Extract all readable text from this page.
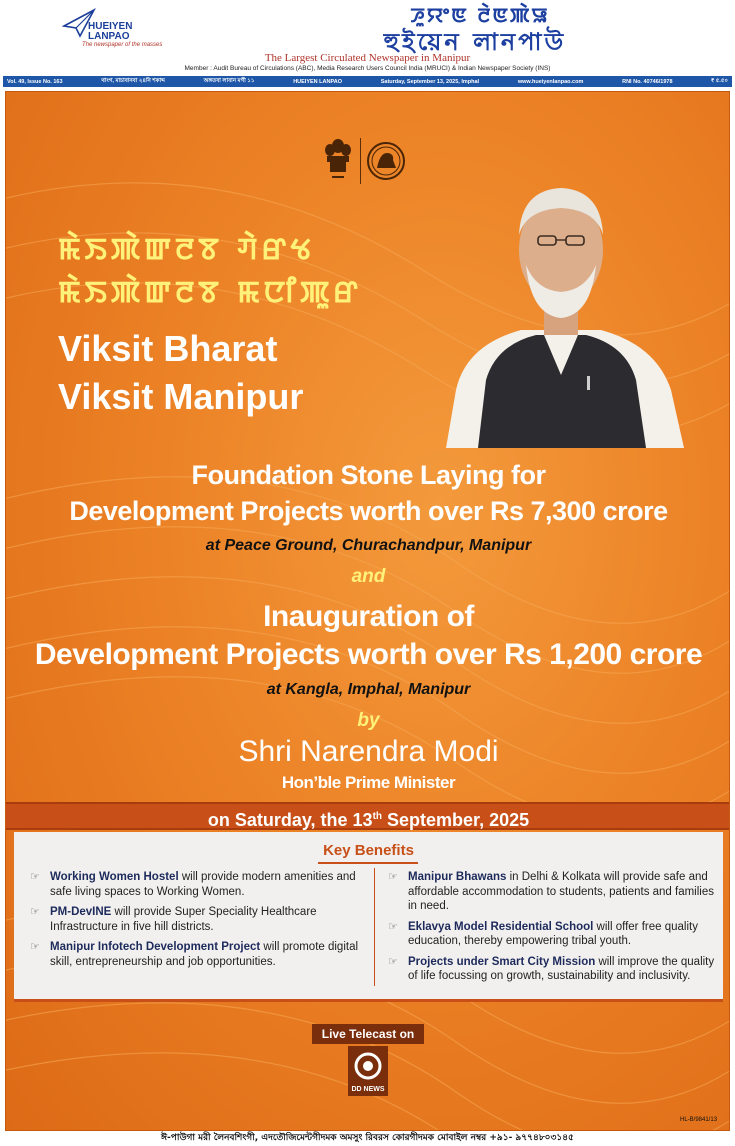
HUEIYEN
LANPAO
The newspaper of the masses
ꯍꯨꯌꯦꯟ ꯂꯥꯟꯄꯥꯎ
হুইয়েন লানপাউ
The Largest Circulated Newspaper in Manipur
Member : Audit Bureau of Circulations (ABC), Media Research Users Council India (MRUCI) & Indian Newspaper Society (INS)
Vol. 49, Issue No. 163	থাংগ, মাচাবানবা ২৪নি শকাব্দ	অঙ্গতবা লাবান মগী ১১	HUEIYEN LANPAO	Saturday, September 13, 2025, Imphal	www.hueiyenlanpao.com	RNI No. 40746/1978	₹ ৫.৫০
ꯃꯥꯏꯄꯥꯛꯂꯕ ꯚꯥꯔꯠ
ꯃꯥꯏꯄꯥꯛꯂꯕ ꯃꯅꯤꯄꯨꯔ
Viksit Bharat
Viksit Manipur
Foundation Stone Laying for
Development Projects worth over Rs 7,300 crore
at Peace Ground, Churachandpur, Manipur
and
Inauguration of
Development Projects worth over Rs 1,200 crore
at Kangla, Imphal, Manipur
by
Shri Narendra Modi
Hon’ble Prime Minister
on Saturday, the 13th September, 2025
Key Benefits
☞ Working Women Hostel will provide modern amenities and safe living spaces to Working Women.
☞ PM-DevINE will provide Super Speciality Healthcare Infrastructure in five hill districts.
☞ Manipur Infotech Development Project will promote digital skill, entrepreneurship and job opportunities.
☞ Manipur Bhawans in Delhi & Kolkata will provide safe and affordable accommodation to students, patients and families in need.
☞ Eklavya Model Residential School will offer free quality education, thereby empowering tribal youth.
☞ Projects under Smart City Mission will improve the quality of life focussing on growth, sustainability and inclusivity.
Live Telecast on
DD NEWS
HL-B/9841/13
ঈ-পাউগা মরী লৈনবশিংগী, এদতৌজিমেন্টগীদমক অমসুং রিবরস কোরগীদমক মোবাইল নম্বর +৯১- ৯৭৭৪৮০৩১৪৫
